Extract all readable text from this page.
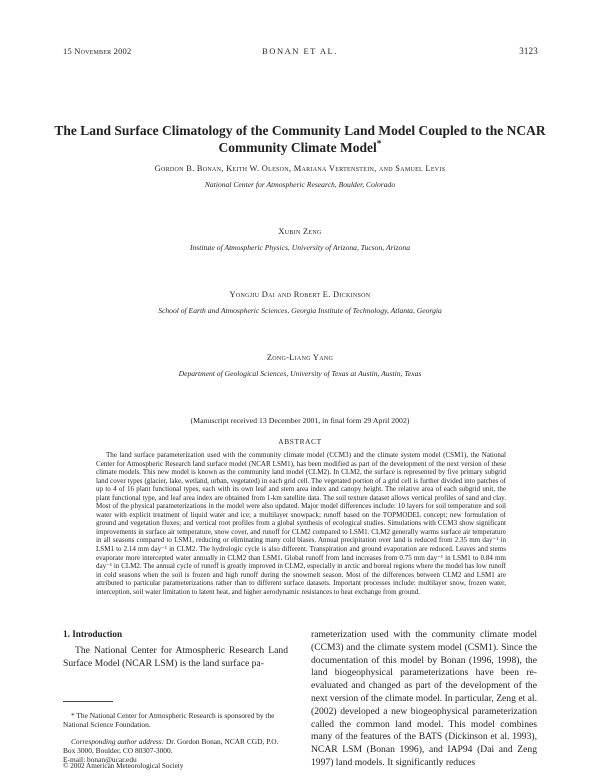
15 November 2002	BONAN ET AL.	3123
The Land Surface Climatology of the Community Land Model Coupled to the NCAR
Community Climate Model*
Gordon B. Bonan, Keith W. Oleson, Mariana Vertenstein, and Samuel Levis
National Center for Atmospheric Research, Boulder, Colorado
Xubin Zeng
Institute of Atmospheric Physics, University of Arizona, Tucson, Arizona
Yongjiu Dai and Robert E. Dickinson
School of Earth and Atmospheric Sciences, Georgia Institute of Technology, Atlanta, Georgia
Zong-Liang Yang
Department of Geological Sciences, University of Texas at Austin, Austin, Texas
(Manuscript received 13 December 2001, in final form 29 April 2002)
ABSTRACT
The land surface parameterization used with the community climate model (CCM3) and the climate system model (CSM1), the National Center for Atmospheric Research land surface model (NCAR LSM1), has been modified as part of the development of the next version of these climate models. This new model is known as the community land model (CLM2). In CLM2, the surface is represented by five primary subgrid land cover types (glacier, lake, wetland, urban, vegetated) in each grid cell. The vegetated portion of a grid cell is further divided into patches of up to 4 of 16 plant functional types, each with its own leaf and stem area index and canopy height. The relative area of each subgrid unit, the plant functional type, and leaf area index are obtained from 1-km satellite data. The soil texture dataset allows vertical profiles of sand and clay. Most of the physical parameterizations in the model were also updated. Major model differences include: 10 layers for soil temperature and soil water with explicit treatment of liquid water and ice; a multilayer snowpack; runoff based on the TOPMODEL concept; new formulation of ground and vegetation fluxes; and vertical root profiles from a global synthesis of ecological studies. Simulations with CCM3 show significant improvements in surface air temperature, snow cover, and runoff for CLM2 compared to LSM1. CLM2 generally warms surface air temperature in all seasons compared to LSM1, reducing or eliminating many cold biases. Annual precipitation over land is reduced from 2.35 mm day⁻¹ in LSM1 to 2.14 mm day⁻¹ in CLM2. The hydrologic cycle is also different. Transpiration and ground evaporation are reduced. Leaves and stems evaporate more intercepted water annually in CLM2 than LSM1. Global runoff from land increases from 0.75 mm day⁻¹ in LSM1 to 0.84 mm day⁻¹ in CLM2. The annual cycle of runoff is greatly improved in CLM2, especially in arctic and boreal regions where the model has low runoff in cold seasons when the soil is frozen and high runoff during the snowmelt season. Most of the differences between CLM2 and LSM1 are attributed to particular parameterizations rather than to different surface datasets. Important processes include: multilayer snow, frozen water, interception, soil water limitation to latent heat, and higher aerodynamic resistances to heat exchange from ground.
1. Introduction
The National Center for Atmospheric Research Land Surface Model (NCAR LSM) is the land surface pa-
rameterization used with the community climate model (CCM3) and the climate system model (CSM1). Since the documentation of this model by Bonan (1996, 1998), the land biogeophysical parameterizations have been re-evaluated and changed as part of the development of the next version of the climate model. In particular, Zeng et al. (2002) developed a new biogeophysical parameterization called the common land model. This model combines many of the features of the BATS (Dickinson et al. 1993), NCAR LSM (Bonan 1996), and IAP94 (Dai and Zeng 1997) land models. It significantly reduces
* The National Center for Atmospheric Research is sponsored by the National Science Foundation.
Corresponding author address: Dr. Gordon Bonan, NCAR CGD, P.O. Box 3000, Boulder, CO 80307-3000.
E-mail: bonan@ucar.edu
© 2002 American Meteorological Society
